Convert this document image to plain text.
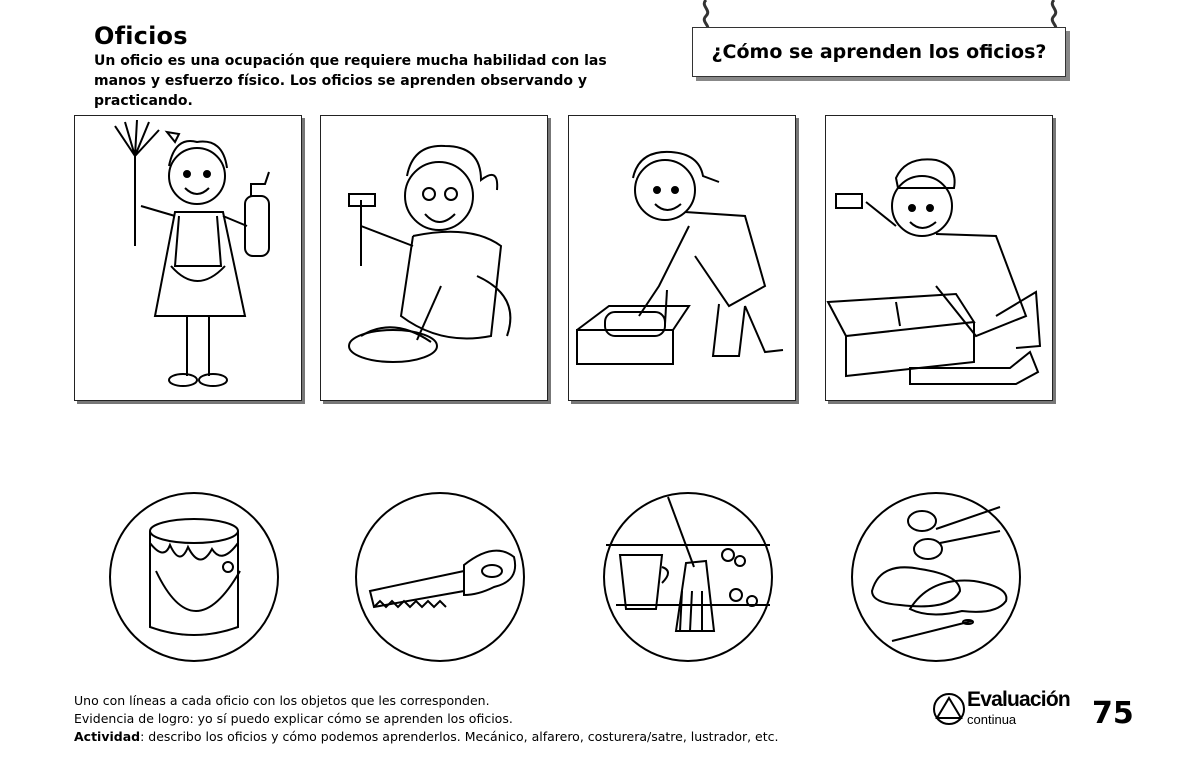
Oficios
Un oficio es una ocupación que requiere mucha habilidad con las manos y esfuerzo físico. Los oficios se aprenden observando y practicando.
¿Cómo se aprenden los oficios?
Uno con líneas a cada oficio con los objetos que les corresponden.
Evidencia de logro: yo sí puedo explicar cómo se aprenden los oficios.
Actividad: describo los oficios y cómo podemos aprenderlos. Mecánico, alfarero, costurera/satre, lustrador, etc.
Evaluación
continua	75
